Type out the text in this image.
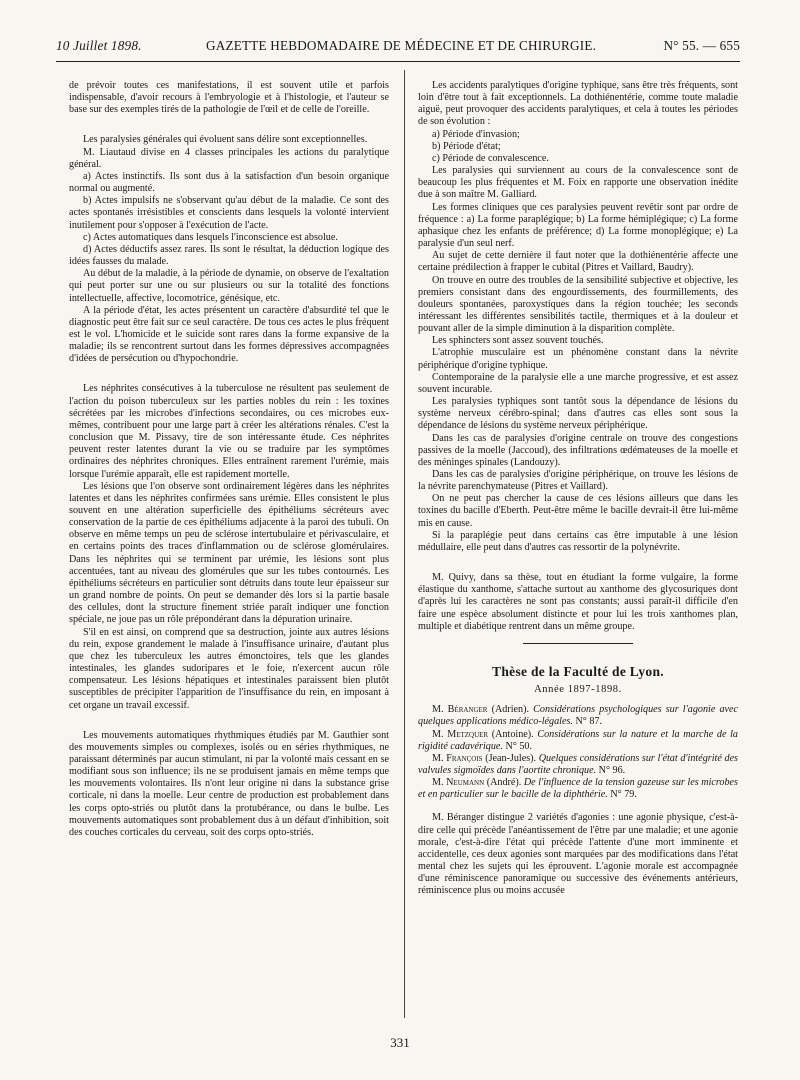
10 Juillet 1898.	GAZETTE HEBDOMADAIRE DE MÉDECINE ET DE CHIRURGIE.	N° 55. — 655

de prévoir toutes ces manifestations, il est souvent utile et parfois indispensable, d'avoir recours à l'embryologie et à l'histologie, et l'auteur se base sur des exemples tirés de la pathologie de l'œil et de celle de l'oreille.

Les paralysies générales qui évoluent sans délire sont exceptionnelles.

M. Liautaud divise en 4 classes principales les actions du paralytique général.

a) Actes instinctifs. Ils sont dus à la satisfaction d'un besoin organique normal ou augmenté.

b) Actes impulsifs ne s'observant qu'au début de la maladie. Ce sont des actes spontanés irrésistibles et conscients dans lesquels la volonté intervient inutilement pour s'opposer à l'exécution de l'acte.

c) Actes automatiques dans lesquels l'inconscience est absolue.

d) Actes déductifs assez rares. Ils sont le résultat, la déduction logique des idées fausses du malade.

Au début de la maladie, à la période de dynamie, on observe de l'exaltation qui peut porter sur une ou sur plusieurs ou sur la totalité des fonctions intellectuelle, affective, locomotrice, génésique, etc.

A la période d'état, les actes présentent un caractère d'absurdité tel que le diagnostic peut être fait sur ce seul caractère. De tous ces actes le plus fréquent est le vol. L'homicide et le suicide sont rares dans la forme expansive de la maladie; ils se rencontrent surtout dans les formes dépressives accompagnées d'idées de persécution ou d'hypochondrie.

Les néphrites consécutives à la tuberculose ne résultent pas seulement de l'action du poison tuberculeux sur les parties nobles du rein : les toxines sécrétées par les microbes d'infections secondaires, ou ces microbes eux-mêmes, contribuent pour une large part à créer les altérations rénales. C'est la conclusion que M. Pissavy, tire de son intéressante étude. Ces néphrites peuvent rester latentes durant la vie ou se traduire par les symptômes ordinaires des néphrites chroniques. Elles entraînent rarement l'urémie, mais lorsque l'urémie apparaît, elle est rapidement mortelle.

Les lésions que l'on observe sont ordinairement légères dans les néphrites latentes et dans les néphrites confirmées sans urémie. Elles consistent le plus souvent en une altération superficielle des épithéliums sécréteurs avec conservation de la partie de ces épithéliums adjacente à la paroi des tubuli. On observe en même temps un peu de sclérose intertubulaire et périvasculaire, et en certains points des traces d'inflammation ou de sclérose glomérulaires. Dans les néphrites qui se terminent par urémie, les lésions sont plus accentuées, tant au niveau des glomérules que sur les tubes contournés. Les épithéliums sécréteurs en particulier sont détruits dans toute leur épaisseur sur un grand nombre de points. On peut se demander dès lors si la partie basale des cellules, dont la structure finement striée paraît indiquer une fonction spéciale, ne joue pas un rôle prépondérant dans la dépuration urinaire.

S'il en est ainsi, on comprend que sa destruction, jointe aux autres lésions du rein, expose grandement le malade à l'insuffisance urinaire, d'autant plus que chez les tuberculeux les autres émonctoires, tels que les glandes intestinales, les glandes sudoripares et le foie, n'exercent aucun rôle compensateur. Les lésions hépatiques et intestinales paraissent bien plutôt susceptibles de précipiter l'apparition de l'insuffisance du rein, en imposant à cet organe un travail excessif.

Les mouvements automatiques rhythmiques étudiés par M. Gauthier sont des mouvements simples ou complexes, isolés ou en séries rhythmiques, ne paraissant déterminés par aucun stimulant, ni par la volonté mais cessant en se modifiant sous son influence; ils ne se produisent jamais en même temps que les mouvements volontaires. Ils n'ont leur origine ni dans la substance grise corticale, ni dans la moelle. Leur centre de production est probablement dans les corps opto-striés ou plutôt dans la protubérance, ou dans le bulbe. Les mouvements automatiques sont probablement dus à un défaut d'inhibition, soit des couches corticales du cerveau, soit des corps opto-striés.

Les accidents paralytiques d'origine typhique, sans être très fréquents, sont loin d'être tout à fait exceptionnels. La dothiénentérie, comme toute maladie aiguë, peut provoquer des accidents paralytiques, et cela à toutes les périodes de son évolution :

a) Période d'invasion;

b) Période d'état;

c) Période de convalescence.

Les paralysies qui surviennent au cours de la convalescence sont de beaucoup les plus fréquentes et M. Foix en rapporte une observation inédite due à son maître M. Galliard.

Les formes cliniques que ces paralysies peuvent revêtir sont par ordre de fréquence : a) La forme paraplégique; b) La forme hémiplégique; c) La forme aphasique chez les enfants de préférence; d) La forme monoplégique; e) La paralysie d'un seul nerf.

Au sujet de cette dernière il faut noter que la dothiénentérie affecte une certaine prédilection à frapper le cubital (Pitres et Vaillard, Baudry).

On trouve en outre des troubles de la sensibilité subjective et objective, les premiers consistant dans des engourdissements, des fourmillements, des douleurs spontanées, paroxystiques dans la région touchée; les seconds intéressant les différentes sensibilités tactile, thermiques et à la douleur et pouvant aller de la simple diminution à la disparition complète.

Les sphincters sont assez souvent touchés.

L'atrophie musculaire est un phénomène constant dans la névrite périphérique d'origine typhique.

Contemporaine de la paralysie elle a une marche progressive, et est assez souvent incurable.

Les paralysies typhiques sont tantôt sous la dépendance de lésions du système nerveux cérébro-spinal; dans d'autres cas elles sont sous la dépendance de lésions du système nerveux périphérique.

Dans les cas de paralysies d'origine centrale on trouve des congestions passives de la moelle (Jaccoud), des infiltrations œdémateuses de la moelle et des méninges spinales (Landouzy).

Dans les cas de paralysies d'origine périphérique, on trouve les lésions de la névrite parenchymateuse (Pitres et Vaillard).

On ne peut pas chercher la cause de ces lésions ailleurs que dans les toxines du bacille d'Eberth. Peut-être même le bacille devrait-il être lui-même mis en cause.

Si la paraplégie peut dans certains cas être imputable à une lésion médullaire, elle peut dans d'autres cas ressortir de la polynévrite.

M. Quivy, dans sa thèse, tout en étudiant la forme vulgaire, la forme élastique du xanthome, s'attache surtout au xanthome des glycosuriques dont d'après lui les caractères ne sont pas constants; aussi paraît-il difficile d'en faire une espèce absolument distincte et pour lui les trois xanthomes plan, multiple et diabétique rentrent dans un même groupe.

Thèse de la Faculté de Lyon.
Année 1897-1898.

M. Béranger (Adrien). Considérations psychologiques sur l'agonie avec quelques applications médico-légales. N° 87.

M. Metzquer (Antoine). Considérations sur la nature et la marche de la rigidité cadavérique. N° 50.

M. François (Jean-Jules). Quelques considérations sur l'état d'intégrité des valvules sigmoïdes dans l'aortite chronique. N° 96.

M. Neumann (André). De l'influence de la tension gazeuse sur les microbes et en particulier sur le bacille de la diphthérie. N° 79.

M. Béranger distingue 2 variétés d'agonies : une agonie physique, c'est-à-dire celle qui précède l'anéantissement de l'être par une maladie; et une agonie morale, c'est-à-dire l'état qui précède l'attente d'une mort imminente et accidentelle, ces deux agonies sont marquées par des modifications dans l'état mental chez les sujets qui les éprouvent. L'agonie morale est accompagnée d'une réminiscence panoramique ou successive des événements antérieurs, réminiscence plus ou moins accusée

331
